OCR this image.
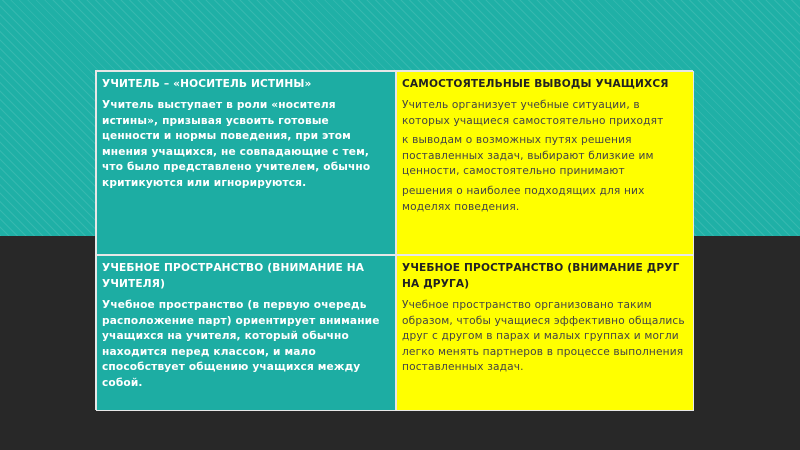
УЧИТЕЛЬ – «НОСИТЕЛЬ ИСТИНЫ»

Учитель выступает в роли «носителя истины», призывая усвоить готовые ценности и нормы поведения, при этом мнения учащихся, не совпадающие с тем, что было представлено учителем, обычно критикуются или игнорируются.

САМОСТОЯТЕЛЬНЫЕ ВЫВОДЫ УЧАЩИХСЯ

Учитель организует учебные ситуации, в которых учащиеся самостоятельно приходят

к выводам о возможных путях решения поставленных задач, выбирают близкие им ценности, самостоятельно принимают

решения о наиболее подходящих для них моделях поведения.

УЧЕБНОЕ ПРОСТРАНСТВО (ВНИМАНИЕ НА УЧИТЕЛЯ)

Учебное пространство (в первую очередь расположение парт) ориентирует внимание учащихся на учителя, который обычно находится перед классом, и мало способствует общению учащихся между собой.

УЧЕБНОЕ ПРОСТРАНСТВО (ВНИМАНИЕ ДРУГ НА ДРУГА)

Учебное пространство организовано таким образом, чтобы учащиеся эффективно общались друг с другом в парах и малых группах и могли легко менять партнеров в процессе выполнения поставленных задач.
